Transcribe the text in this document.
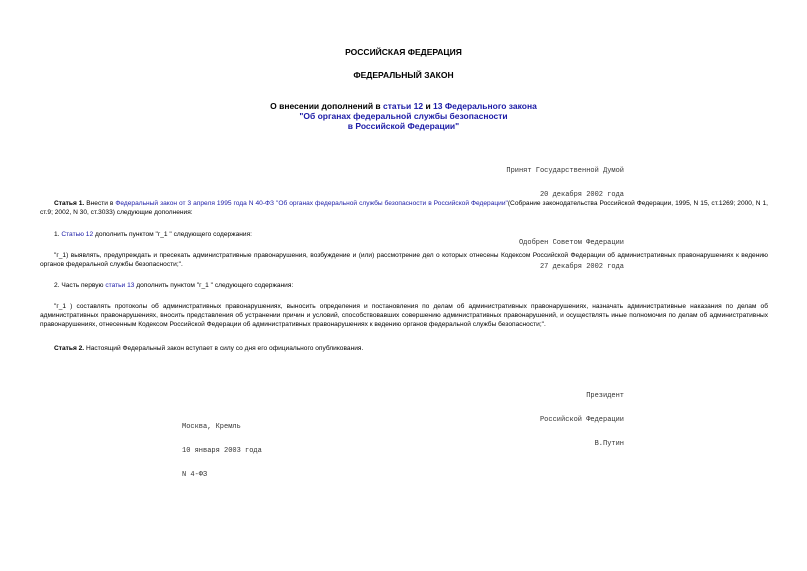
РОССИЙСКАЯ ФЕДЕРАЦИЯ
ФЕДЕРАЛЬНЫЙ ЗАКОН
О внесении дополнений в статьи 12 и 13 Федерального закона
"Об органах федеральной службы безопасности
в Российской Федерации"

Принят Государственной Думой

20 декабря 2002 года

Одобрен Советом Федерации

27 декабря 2002 года

Статья 1. Внести в Федеральный закон от 3 апреля 1995 года N 40-ФЗ "Об органах федеральной службы безопасности в Российской Федерации"(Собрание законодательства Российской Федерации, 1995, N 15, ст.1269; 2000, N 1, ст.9; 2002, N 30, ст.3033) следующие дополнения:
1. Статью 12 дополнить пунктом "г_1 " следующего содержания:
"г_1) выявлять, предупреждать и пресекать административные правонарушения, возбуждение и (или) рассмотрение дел о которых отнесены Кодексом Российской Федерации об административных правонарушениях к ведению органов федеральной службы безопасности;".
2. Часть первую статьи 13 дополнить пунктом "г_1 " следующего содержания:
"г_1 ) составлять протоколы об административных правонарушениях, выносить определения и постановления по делам об административных правонарушениях, назначать административные наказания по делам об административных правонарушениях, вносить представления об устранении причин и условий, способствовавших совершению административных правонарушений, и осуществлять иные полномочия по делам об административных правонарушениях, отнесенным Кодексом Российской Федерации об административных правонарушениях к ведению органов федеральной службы безопасности;".
Статья 2. Настоящий Федеральный закон вступает в силу со дня его официального опубликования.

Президент

Российской Федерации

В.Путин

Москва, Кремль

10 января 2003 года

N 4-ФЗ
